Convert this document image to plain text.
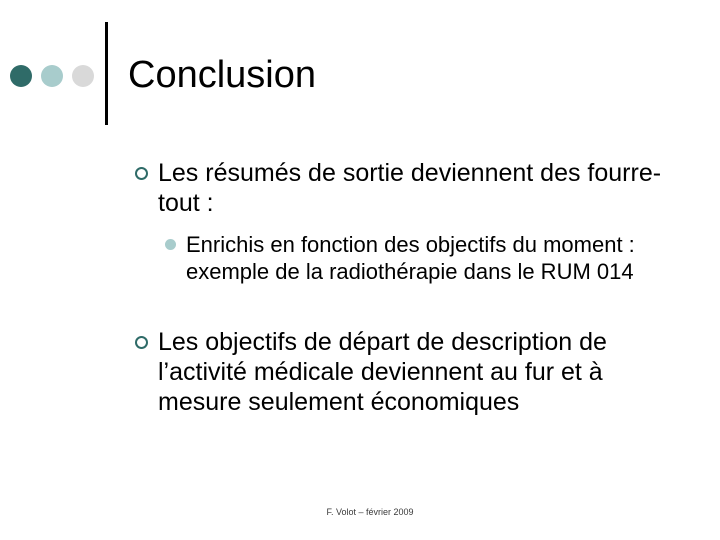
Conclusion
Les résumés de sortie deviennent des fourre-tout :
Enrichis en fonction des objectifs du moment : exemple de la radiothérapie dans le RUM 014
Les objectifs de départ de description de l’activité médicale deviennent au fur et à mesure seulement économiques
F. Volot – février 2009
